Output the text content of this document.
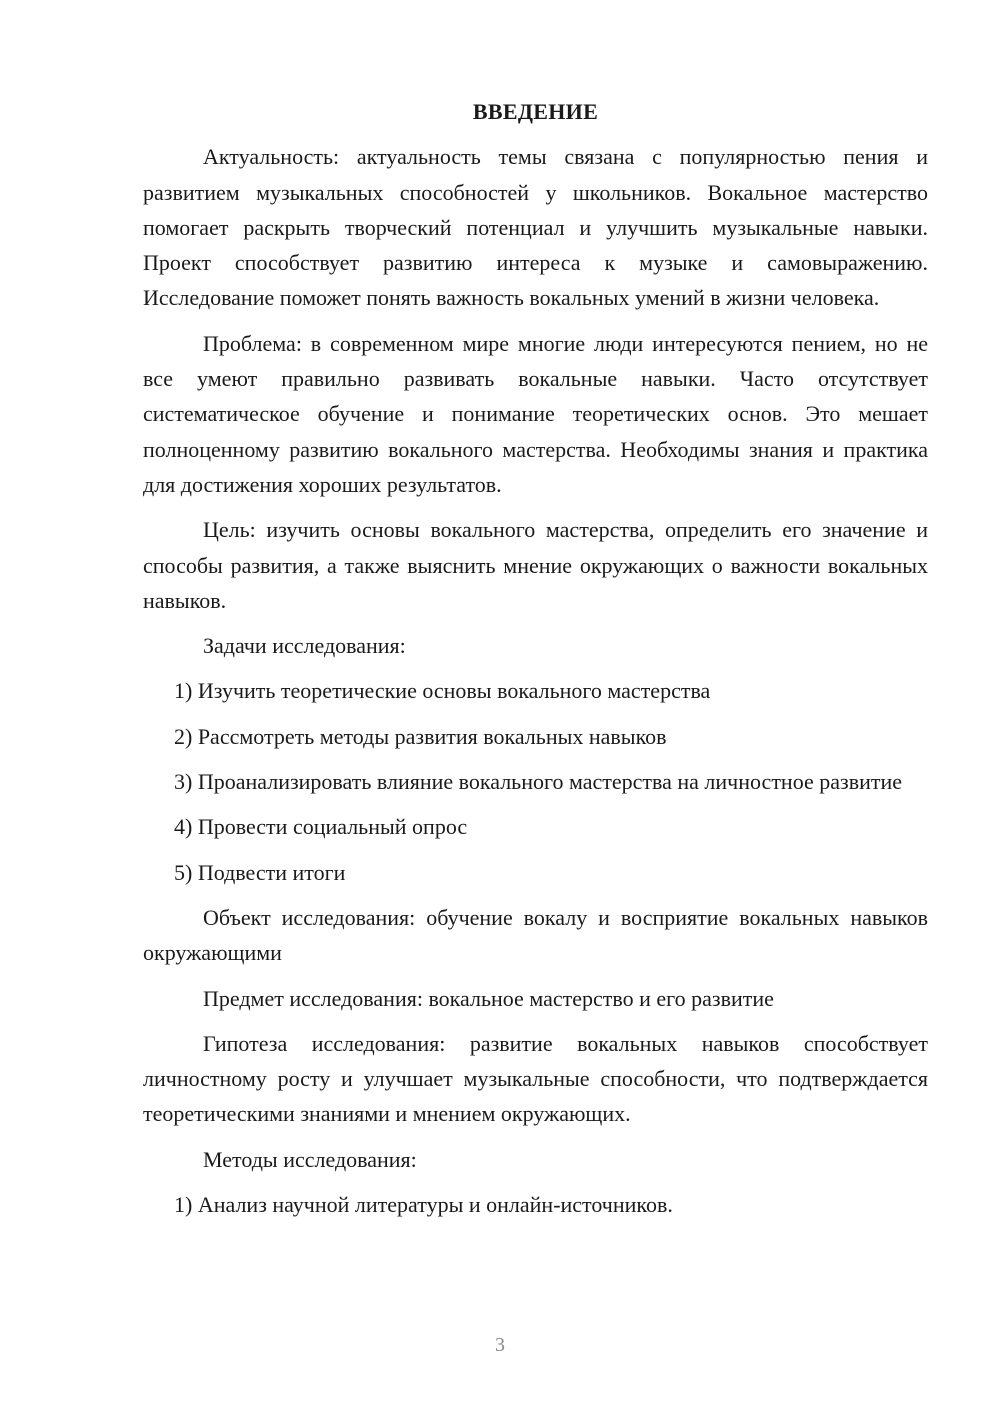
ВВЕДЕНИЕ

Актуальность: актуальность темы связана с популярностью пения и развитием музыкальных способностей у школьников. Вокальное мастерство помогает раскрыть творческий потенциал и улучшить музыкальные навыки. Проект способствует развитию интереса к музыке и самовыражению. Исследование поможет понять важность вокальных умений в жизни человека.

Проблема: в современном мире многие люди интересуются пением, но не все умеют правильно развивать вокальные навыки. Часто отсутствует систематическое обучение и понимание теоретических основ. Это мешает полноценному развитию вокального мастерства. Необходимы знания и практика для достижения хороших результатов.

Цель: изучить основы вокального мастерства, определить его значение и способы развития, а также выяснить мнение окружающих о важности вокальных навыков.

Задачи исследования:

1) Изучить теоретические основы вокального мастерства

2) Рассмотреть методы развития вокальных навыков

3) Проанализировать влияние вокального мастерства на личностное развитие

4) Провести социальный опрос

5) Подвести итоги

Объект исследования: обучение вокалу и восприятие вокальных навыков окружающими

Предмет исследования: вокальное мастерство и его развитие

Гипотеза исследования: развитие вокальных навыков способствует личностному росту и улучшает музыкальные способности, что подтверждается теоретическими знаниями и мнением окружающих.

Методы исследования:

1) Анализ научной литературы и онлайн-источников.

3
